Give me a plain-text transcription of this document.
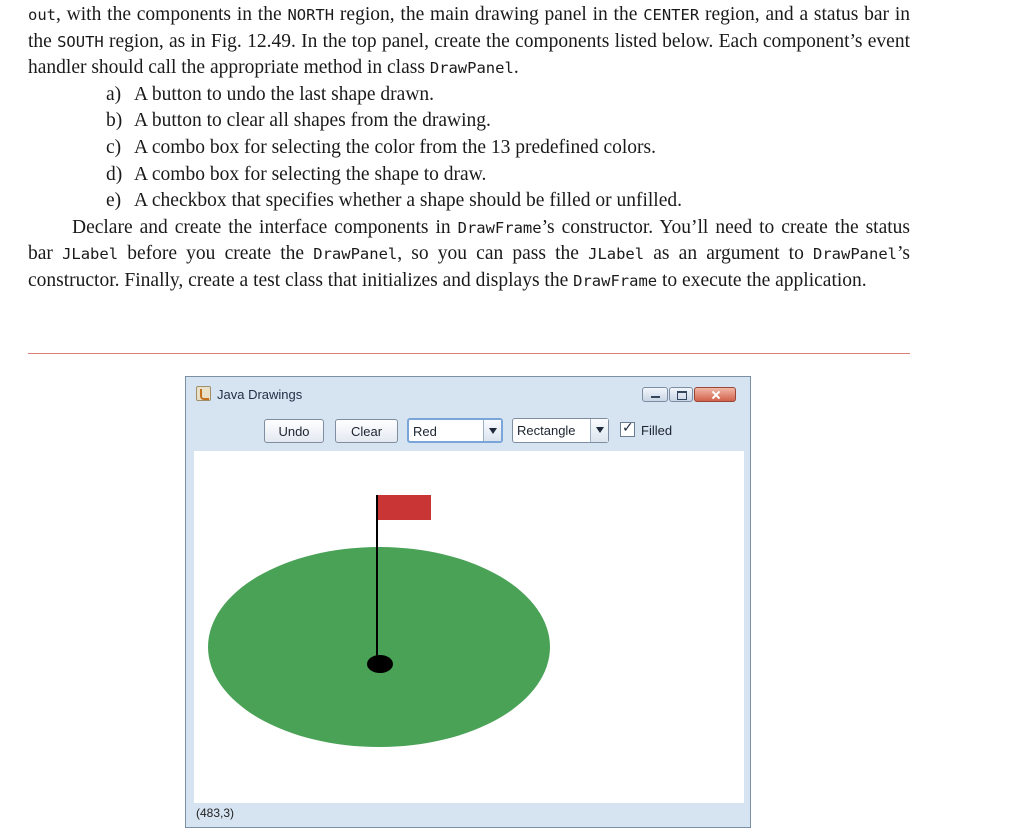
out, with the components in the NORTH region, the main drawing panel in the CENTER region, and a status bar in the SOUTH region, as in Fig. 12.49. In the top panel, create the components listed below. Each component’s event handler should call the appropriate method in class DrawPanel.

a) A button to undo the last shape drawn.
b) A button to clear all shapes from the drawing.
c) A combo box for selecting the color from the 13 predefined colors.
d) A combo box for selecting the shape to draw.
e) A checkbox that specifies whether a shape should be filled or unfilled.

Declare and create the interface components in DrawFrame’s constructor. You’ll need to create the status bar JLabel before you create the DrawPanel, so you can pass the JLabel as an argument to DrawPanel’s constructor. Finally, create a test class that initializes and displays the DrawFrame to execute the application.

Java Drawings
Undo	Clear	Red	Rectangle
✓	Filled
(483,3)
